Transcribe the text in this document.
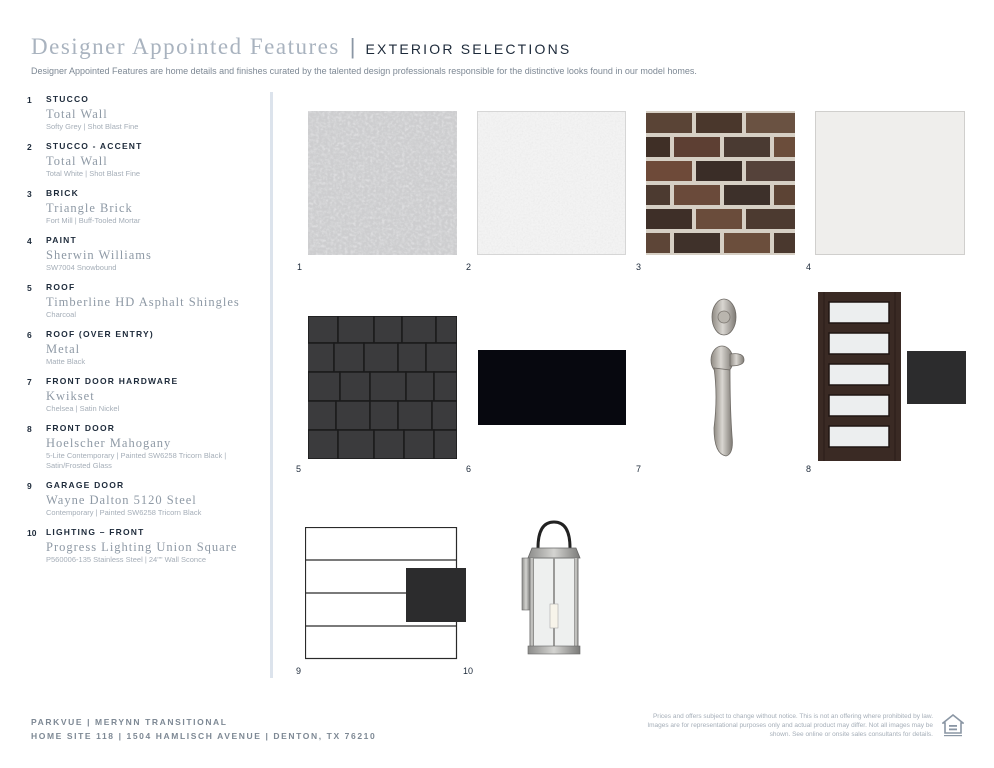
Designer Appointed Features | EXTERIOR SELECTIONS
Designer Appointed Features are home details and finishes curated by the talented design professionals responsible for the distinctive looks found in our model homes.
1 STUCCO
Total Wall
Softy Grey | Shot Blast Fine
2 STUCCO - ACCENT
Total Wall
Total White | Shot Blast Fine
3 BRICK
Triangle Brick
Fort Mill | Buff-Tooled Mortar
4 PAINT
Sherwin Williams
SW7004 Snowbound
5 ROOF
Timberline HD Asphalt Shingles
Charcoal
6 ROOF (OVER ENTRY)
Metal
Matte Black
7 FRONT DOOR HARDWARE
Kwikset
Chelsea | Satin Nickel
8 FRONT DOOR
Hoelscher Mahogany
5-Lite Contemporary | Painted SW6258 Tricorn Black | Satin/Frosted Glass
9 GARAGE DOOR
Wayne Dalton 5120 Steel
Contemporary | Painted SW6258 Tricorn Black
10 LIGHTING – FRONT
Progress Lighting Union Square
P560006-135 Stainless Steel | 24"" Wall Sconce
1	2	3	4
5	6	7	8
9	10
PARKVUE | MERYNN TRANSITIONAL
HOME SITE 118 | 1504 HAMLISCH AVENUE | DENTON, TX 76210
Prices and offers subject to change without notice. This is not an offering where prohibited by law. Images are for representational purposes only and actual product may differ. Not all images may be shown. See online or onsite sales consultants for details.
